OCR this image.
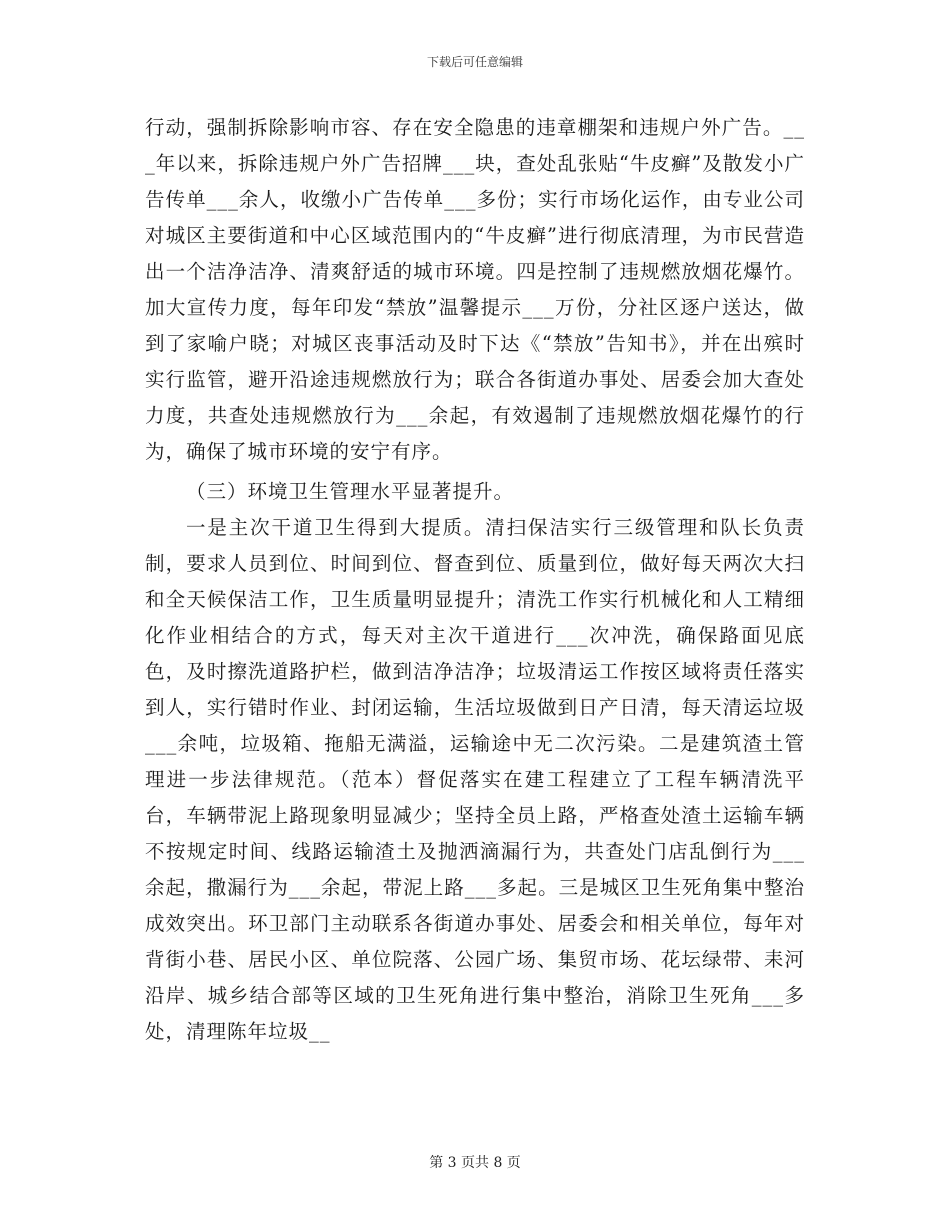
下载后可任意编辑

行动，强制拆除影响市容、存在安全隐患的违章棚架和违规户外广告。___年以来，拆除违规户外广告招牌___块，查处乱张贴“牛皮癣”及散发小广告传单___余人，收缴小广告传单___多份；实行市场化运作，由专业公司对城区主要街道和中心区域范围内的“牛皮癣”进行彻底清理，为市民营造出一个洁净洁净、清爽舒适的城市环境。四是控制了违规燃放烟花爆竹。加大宣传力度，每年印发“禁放”温馨提示___万份，分社区逐户送达，做到了家喻户晓；对城区丧事活动及时下达《“禁放”告知书》，并在出殡时实行监管，避开沿途违规燃放行为；联合各街道办事处、居委会加大查处力度，共查处违规燃放行为___余起，有效遏制了违规燃放烟花爆竹的行为，确保了城市环境的安宁有序。

（三）环境卫生管理水平显著提升。

一是主次干道卫生得到大提质。清扫保洁实行三级管理和队长负责制，要求人员到位、时间到位、督查到位、质量到位，做好每天两次大扫和全天候保洁工作，卫生质量明显提升；清洗工作实行机械化和人工精细化作业相结合的方式，每天对主次干道进行___次冲洗，确保路面见底色，及时擦洗道路护栏，做到洁净洁净；垃圾清运工作按区域将责任落实到人，实行错时作业、封闭运输，生活垃圾做到日产日清，每天清运垃圾___余吨，垃圾箱、拖船无满溢，运输途中无二次污染。二是建筑渣土管理进一步法律规范。（范本）督促落实在建工程建立了工程车辆清洗平台，车辆带泥上路现象明显减少；坚持全员上路，严格查处渣土运输车辆不按规定时间、线路运输渣土及抛洒滴漏行为，共查处门店乱倒行为___余起，撒漏行为___余起，带泥上路___多起。三是城区卫生死角集中整治成效突出。环卫部门主动联系各街道办事处、居委会和相关单位，每年对背街小巷、居民小区、单位院落、公园广场、集贸市场、花坛绿带、耒河沿岸、城乡结合部等区域的卫生死角进行集中整治，消除卫生死角___多处，清理陈年垃圾__

第 3 页共 8 页
